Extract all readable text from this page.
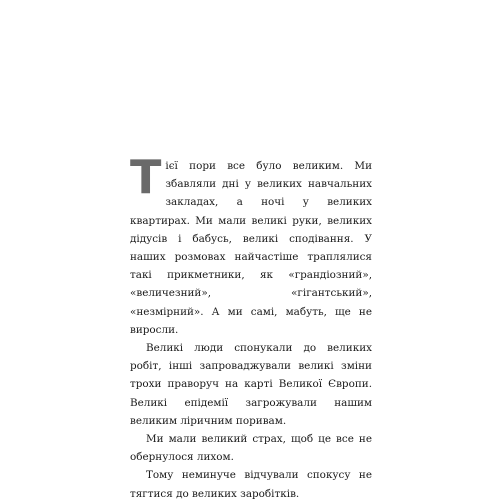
Тієї пори все було великим. Ми збавляли дні у великих навчальних закладах, а ночі у великих квартирах. Ми мали великі руки, великих дідусів і бабусь, великі сподівання. У наших розмовах найчастіше траплялися такі прикметники, як «грандіозний», «величезний», «гігантський», «незмірний». А ми самі, мабуть, ще не виросли.

Великі люди спонукали до великих робіт, інші запроваджували великі зміни трохи праворуч на карті Великої Європи. Великі епідемії загрожували нашим великим ліричним поривам.

Ми мали великий страх, щоб це все не обернулося лихом.

Тому неминуче відчували спокусу не тягтися до великих заробітків.
